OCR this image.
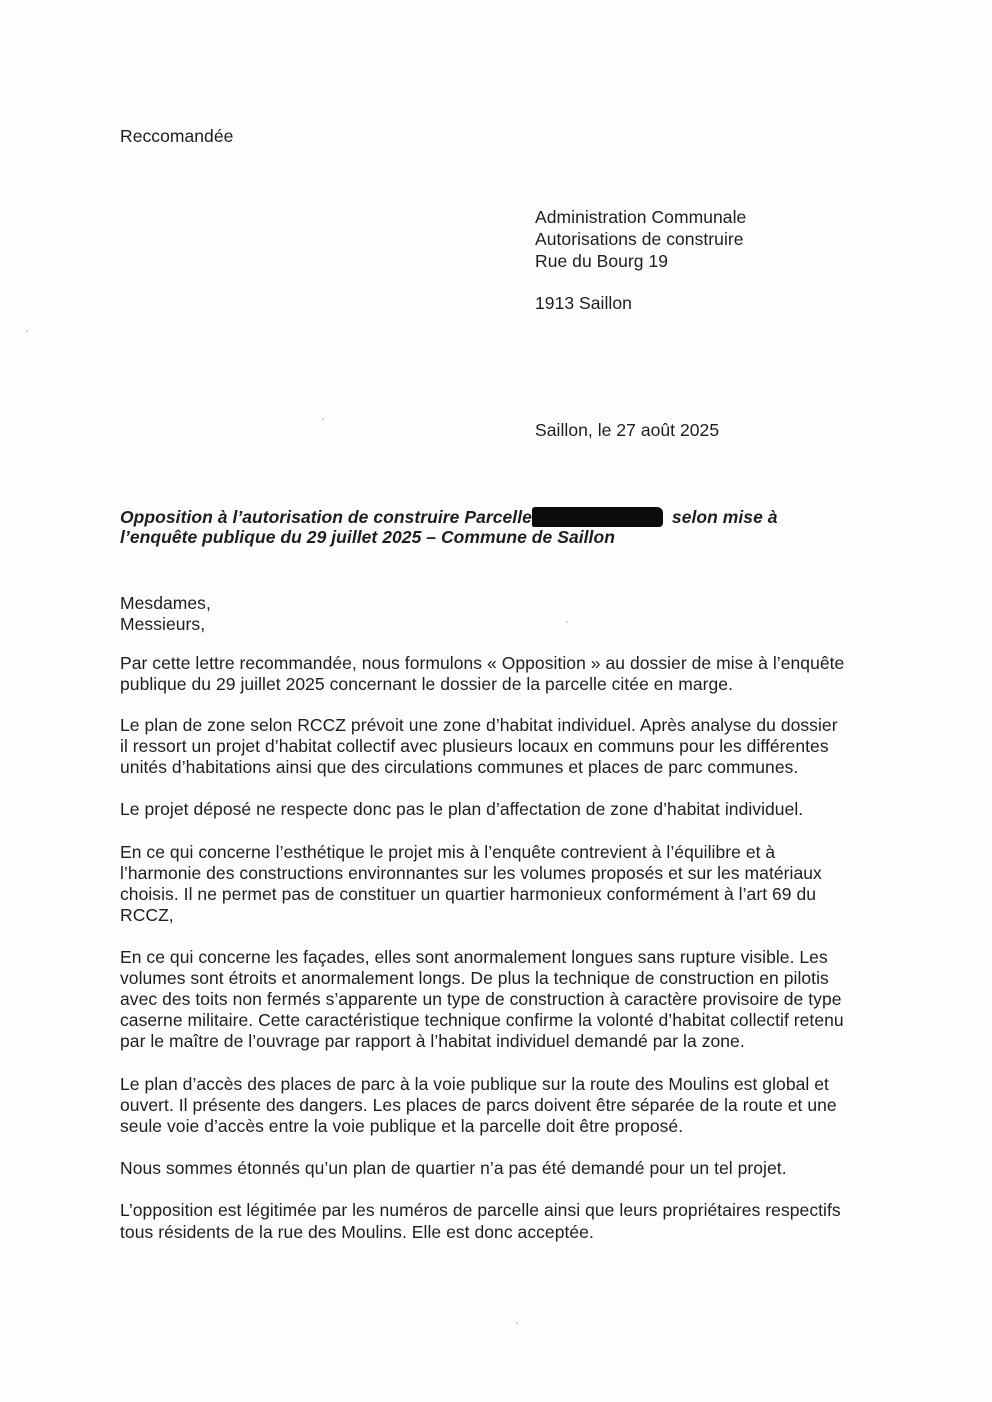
Reccomandée
Administration Communale
Autorisations de construire
Rue du Bourg 19
1913 Saillon
Saillon, le 27 août 2025
Opposition à l’autorisation de construire Parcelle	selon mise à
l’enquête publique du 29 juillet 2025 – Commune de Saillon
Mesdames,
Messieurs,
Par cette lettre recommandée, nous formulons « Opposition » au dossier de mise à l’enquête
publique du 29 juillet 2025 concernant le dossier de la parcelle citée en marge.
Le plan de zone selon RCCZ prévoit une zone d’habitat individuel. Après analyse du dossier
il ressort un projet d’habitat collectif avec plusieurs locaux en communs pour les différentes
unités d’habitations ainsi que des circulations communes et places de parc communes.
Le projet déposé ne respecte donc pas le plan d’affectation de zone d’habitat individuel.
En ce qui concerne l’esthétique le projet mis à l’enquête contrevient à l’équilibre et à
l’harmonie des constructions environnantes sur les volumes proposés et sur les matériaux
choisis. Il ne permet pas de constituer un quartier harmonieux conformément à l’art 69 du
RCCZ,
En ce qui concerne les façades, elles sont anormalement longues sans rupture visible. Les
volumes sont étroits et anormalement longs. De plus la technique de construction en pilotis
avec des toits non fermés s’apparente un type de construction à caractère provisoire de type
caserne militaire. Cette caractéristique technique confirme la volonté d’habitat collectif retenu
par le maître de l’ouvrage par rapport à l’habitat individuel demandé par la zone.
Le plan d’accès des places de parc à la voie publique sur la route des Moulins est global et
ouvert. Il présente des dangers. Les places de parcs doivent être séparée de la route et une
seule voie d’accès entre la voie publique et la parcelle doit être proposé.
Nous sommes étonnés qu’un plan de quartier n’a pas été demandé pour un tel projet.
L’opposition est légitimée par les numéros de parcelle ainsi que leurs propriétaires respectifs
tous résidents de la rue des Moulins. Elle est donc acceptée.
